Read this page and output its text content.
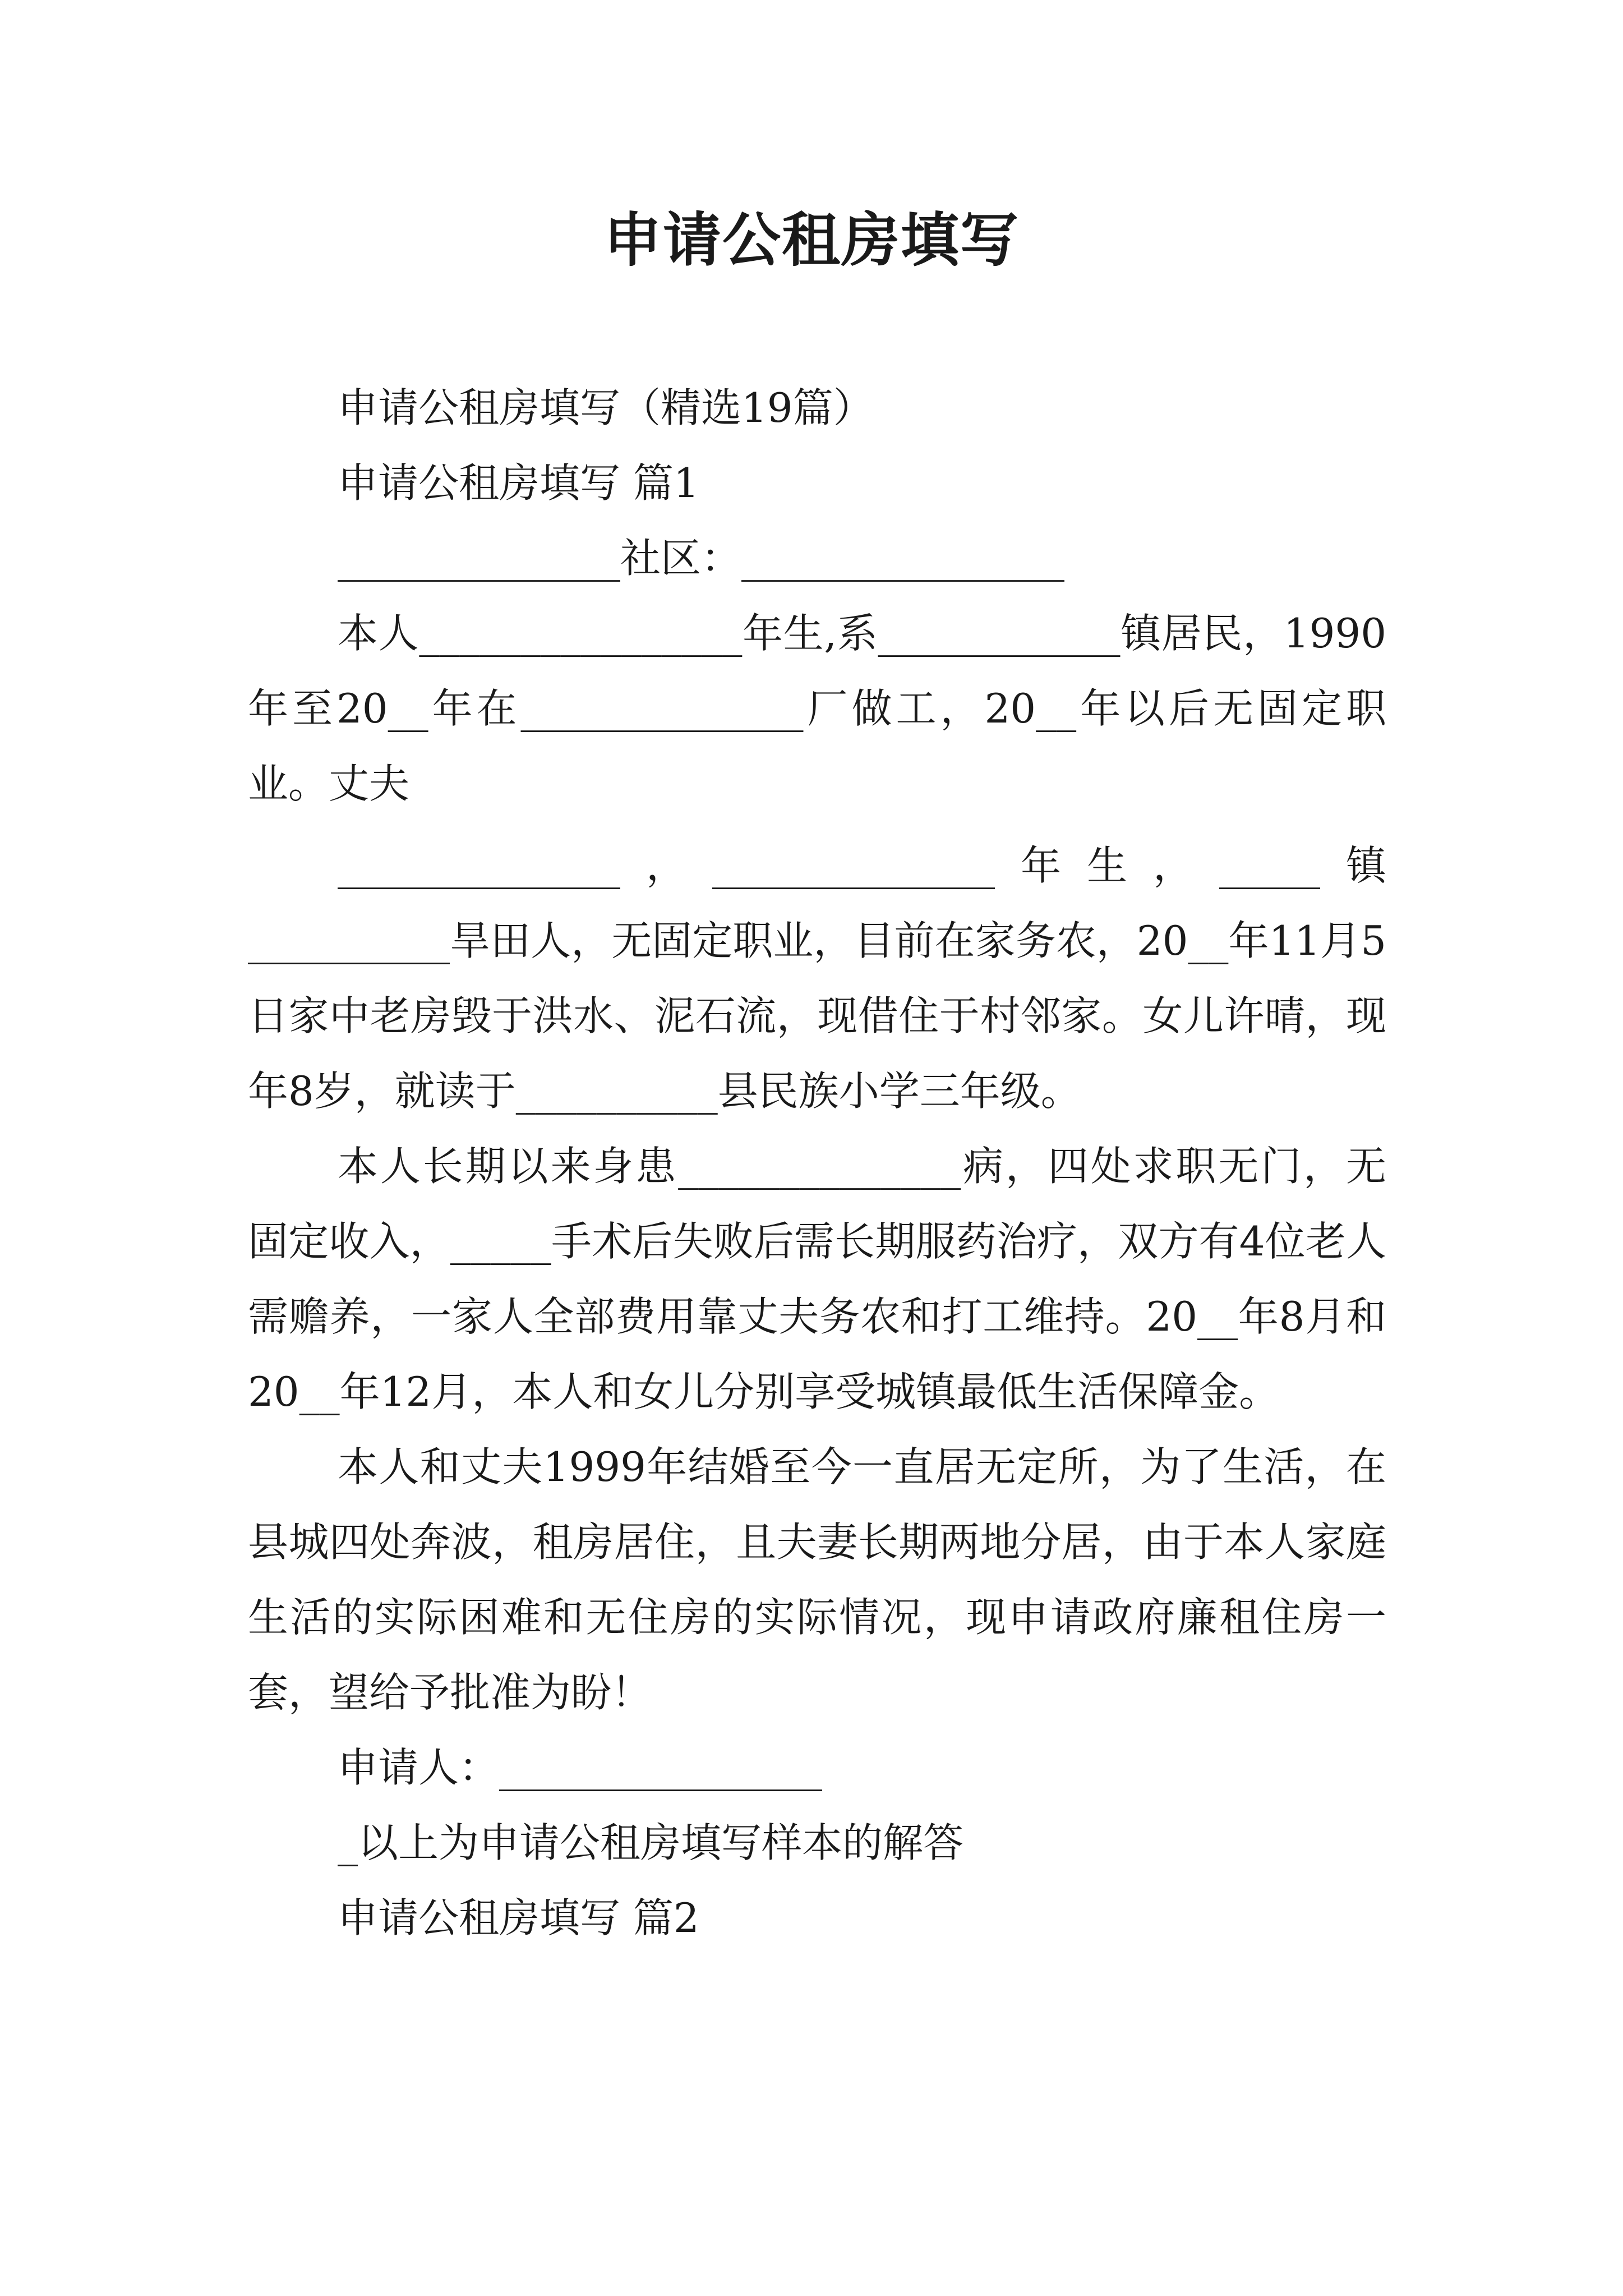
申请公租房填写

申请公租房填写（精选19篇）

申请公租房填写 篇1

______________社区：________________

本人________________年生,系____________镇居民，1990年至20__年在______________厂做工，20__年以后无固定职业。丈夫

______________，______________年生，_____镇__________旱田人，无固定职业，目前在家务农，20__年11月5日家中老房毁于洪水、泥石流，现借住于村邻家。女儿许晴，现年8岁，就读于__________县民族小学三年级。

本人长期以来身患______________病，四处求职无门，无固定收入，_____手术后失败后需长期服药治疗，双方有4位老人需赡养，一家人全部费用靠丈夫务农和打工维持。20__年8月和20__年12月，本人和女儿分别享受城镇最低生活保障金。

本人和丈夫1999年结婚至今一直居无定所，为了生活，在县城四处奔波，租房居住，且夫妻长期两地分居，由于本人家庭生活的实际困难和无住房的实际情况，现申请政府廉租住房一套，望给予批准为盼！

申请人：________________

_以上为申请公租房填写样本的解答

申请公租房填写 篇2
